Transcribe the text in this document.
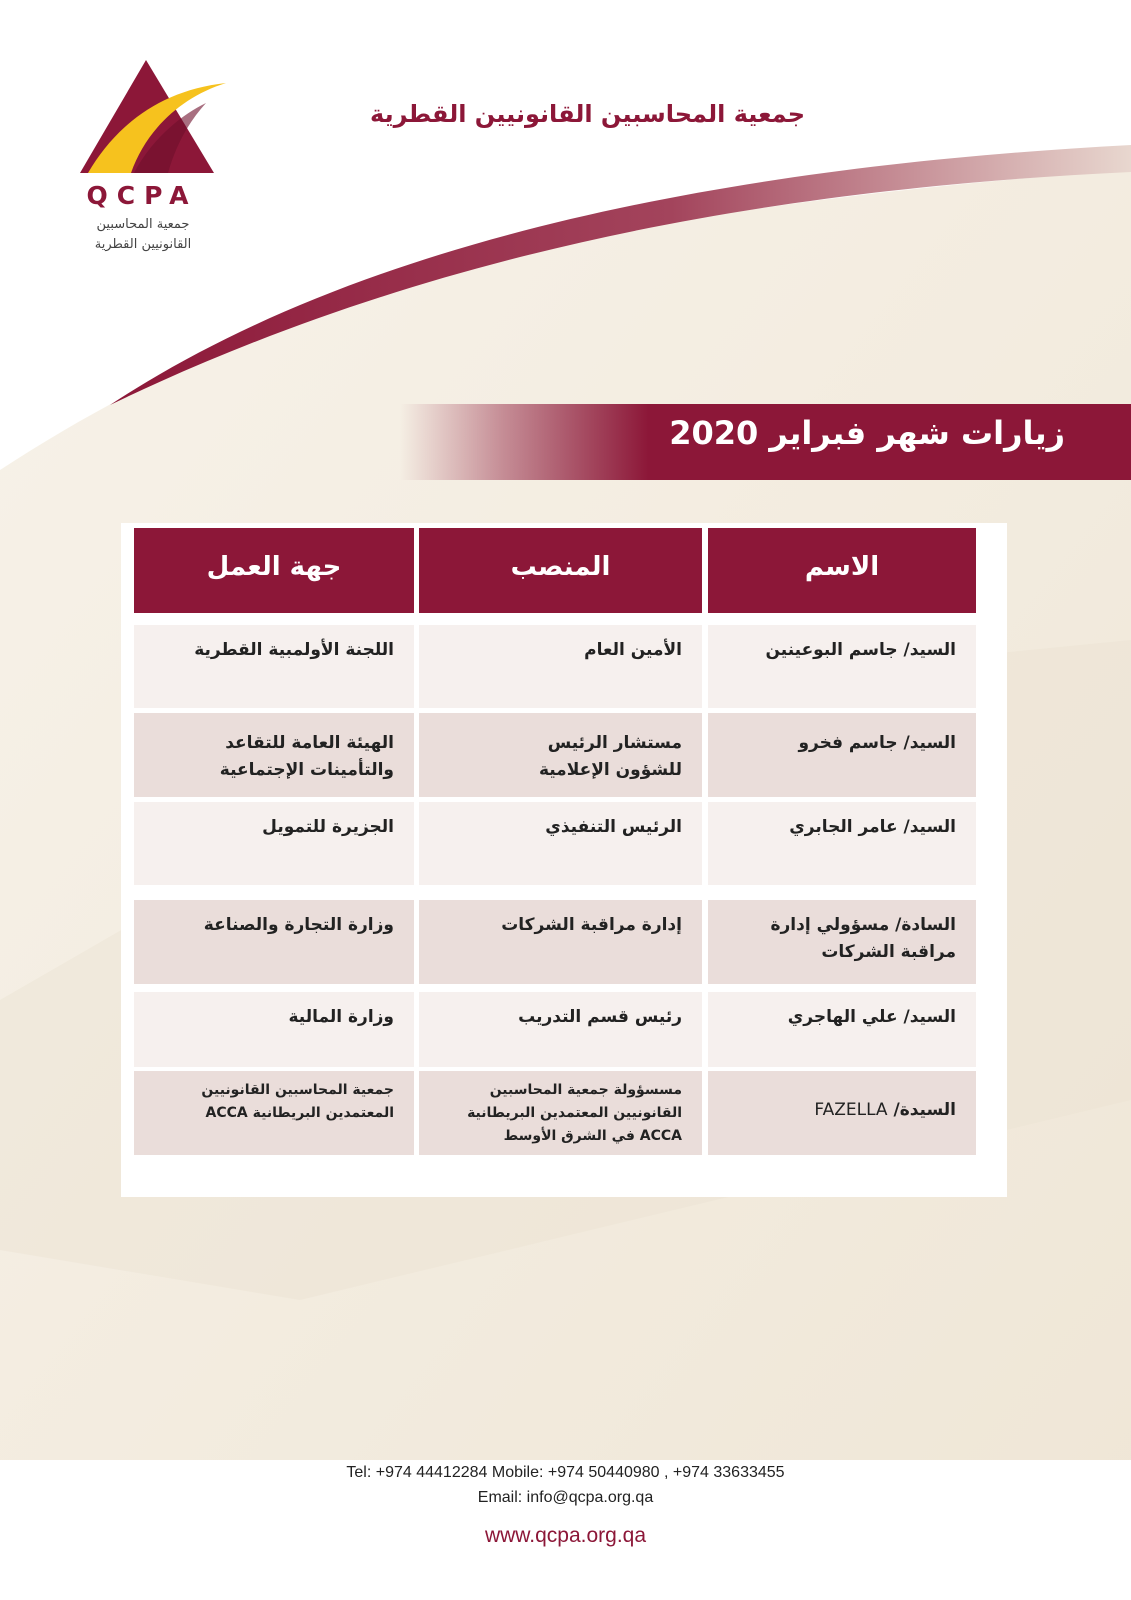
QCPA
جمعية المحاسبين
القانونيين القطرية
جمعية المحاسبين القانونيين القطرية
زيارات شهر فبراير 2020
الاسم
المنصب
جهة العمل
السيد/ جاسم البوعينين
الأمين العام
اللجنة الأولمبية القطرية
السيد/ جاسم فخرو
مستشار الرئيس للشؤون الإعلامية
الهيئة العامة للتقاعد والتأمينات الإجتماعية
السيد/ عامر الجابري
الرئيس التنفيذي
الجزيرة للتمويل
السادة/ مسؤولي إدارة مراقبة الشركات
إدارة مراقبة الشركات
وزارة التجارة والصناعة
السيد/ علي الهاجري
رئيس قسم التدريب
وزارة المالية
السيدة/ FAZELLA
مسسؤولة جمعية المحاسبين القانونيين المعتمدين البريطانية ACCA في الشرق الأوسط
جمعية المحاسبين القانونيين المعتمدين البريطانية ACCA
Tel: +974 44412284 Mobile: +974 50440980 , +974 33633455
Email: info@qcpa.org.qa
www.qcpa.org.qa
